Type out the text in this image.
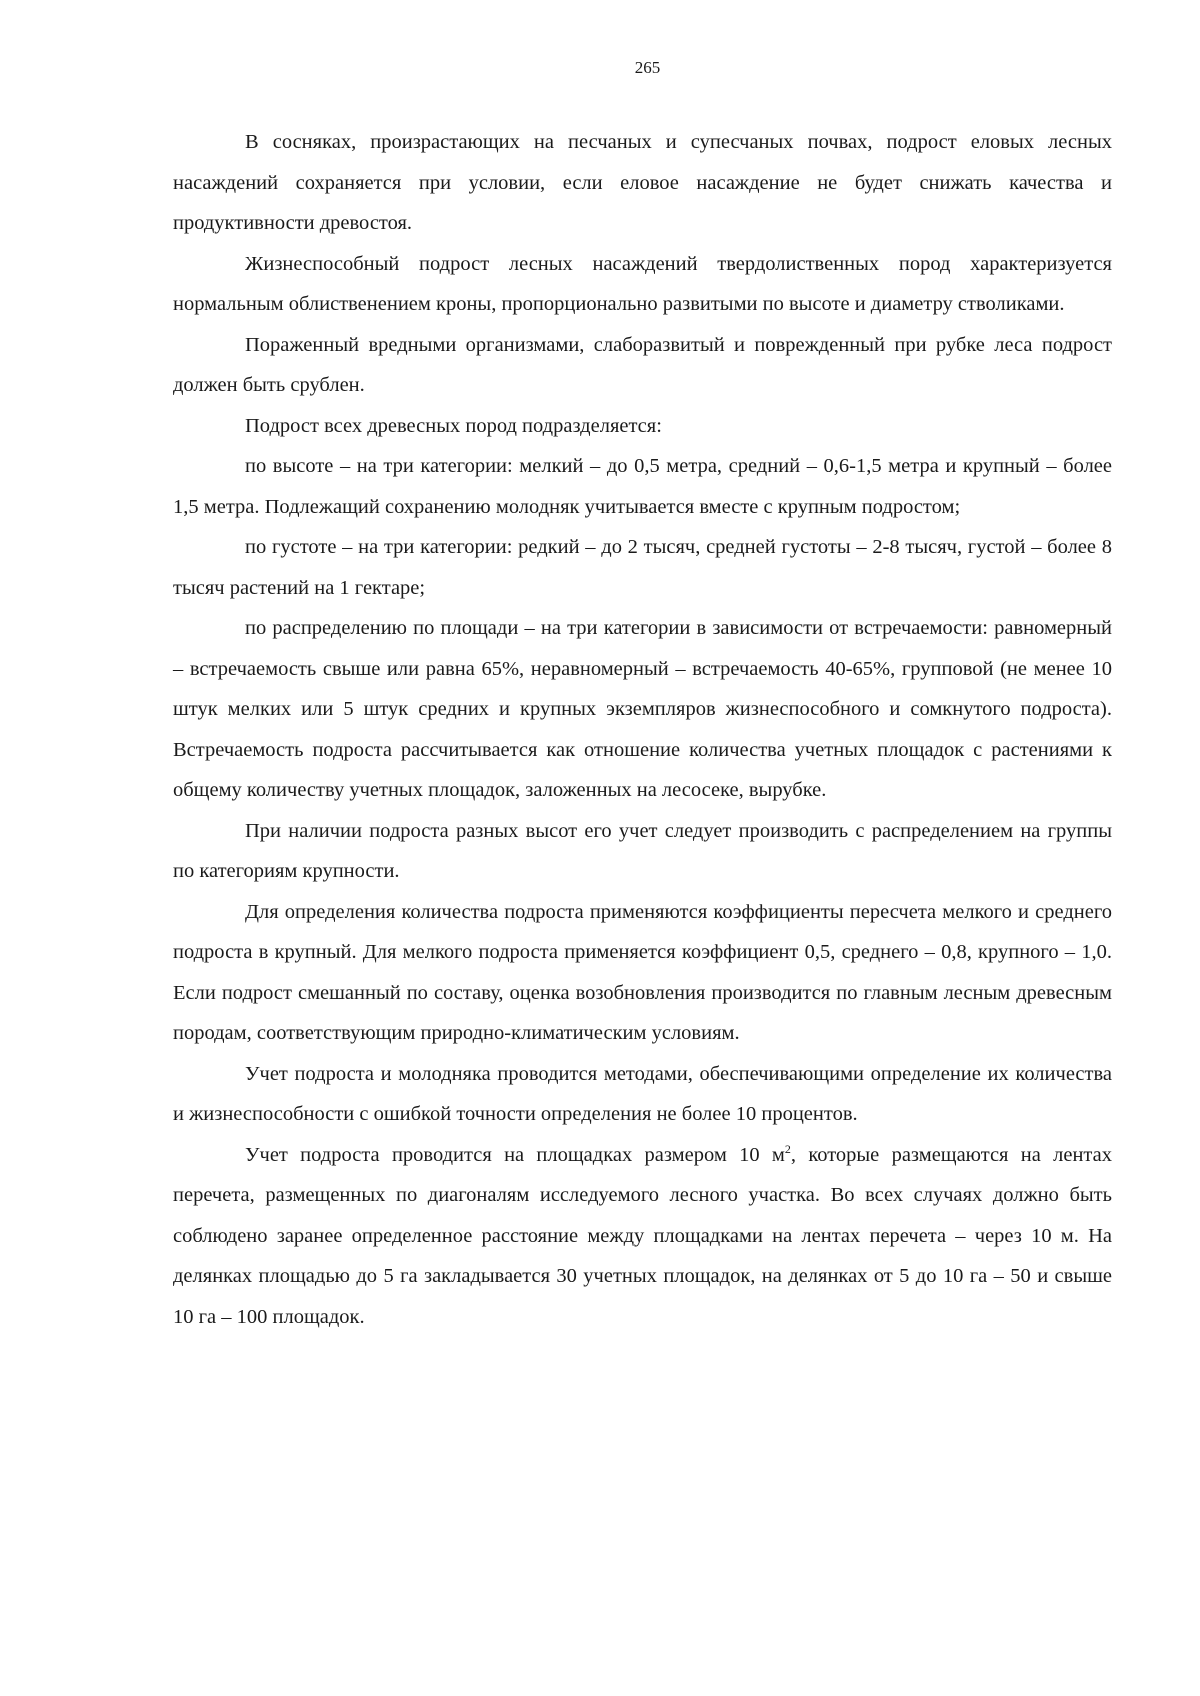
265

В сосняках, произрастающих на песчаных и супесчаных почвах, подрост еловых лесных насаждений сохраняется при условии, если еловое насаждение не будет снижать качества и продуктивности древостоя.

Жизнеспособный подрост лесных насаждений твердолиственных пород характеризуется нормальным облиственением кроны, пропорционально развитыми по высоте и диаметру стволиками.

Пораженный вредными организмами, слаборазвитый и поврежденный при рубке леса подрост должен быть срублен.

Подрост всех древесных пород подразделяется:

по высоте – на три категории: мелкий – до 0,5 метра, средний – 0,6-1,5 метра и крупный – более 1,5 метра. Подлежащий сохранению молодняк учитывается вместе с крупным подростом;

по густоте – на три категории: редкий – до 2 тысяч, средней густоты – 2-8 тысяч, густой – более 8 тысяч растений на 1 гектаре;

по распределению по площади – на три категории в зависимости от встречаемости: равномерный – встречаемость свыше или равна 65%, неравномерный – встречаемость 40-65%, групповой (не менее 10 штук мелких или 5 штук средних и крупных экземпляров жизнеспособного и сомкнутого подроста). Встречаемость подроста рассчитывается как отношение количества учетных площадок с растениями к общему количеству учетных площадок, заложенных на лесосеке, вырубке.

При наличии подроста разных высот его учет следует производить с распределением на группы по категориям крупности.

Для определения количества подроста применяются коэффициенты пересчета мелкого и среднего подроста в крупный. Для мелкого подроста применяется коэффициент 0,5, среднего – 0,8, крупного – 1,0. Если подрост смешанный по составу, оценка возобновления производится по главным лесным древесным породам, соответствующим природно-климатическим условиям.

Учет подроста и молодняка проводится методами, обеспечивающими определение их количества и жизнеспособности с ошибкой точности определения не более 10 процентов.

Учет подроста проводится на площадках размером 10 $м^2$, которые размещаются на лентах перечета, размещенных по диагоналям исследуемого лесного участка. Во всех случаях должно быть соблюдено заранее определенное расстояние между площадками на лентах перечета – через 10 м. На делянках площадью до 5 га закладывается 30 учетных площадок, на делянках от 5 до 10 га – 50 и свыше 10 га – 100 площадок.
